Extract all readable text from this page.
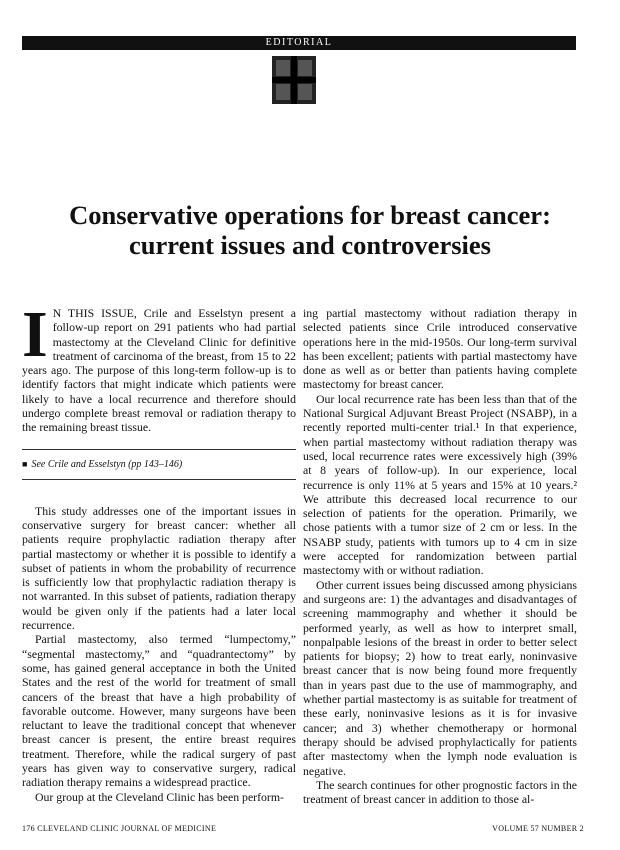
EDITORIAL
Conservative operations for breast cancer:
current issues and controversies

I N THIS ISSUE, Crile and Esselstyn present a follow-up report on 291 patients who had partial mastectomy at the Cleveland Clinic for definitive treatment of carcinoma of the breast, from 15 to 22 years ago. The purpose of this long-term follow-up is to identify factors that might indicate which patients were likely to have a local recurrence and therefore should undergo complete breast removal or radiation therapy to the remaining breast tissue.

■ See Crile and Esselstyn (pp 143–146)

This study addresses one of the important issues in conservative surgery for breast cancer: whether all patients require prophylactic radiation therapy after partial mastectomy or whether it is possible to identify a subset of patients in whom the probability of recurrence is sufficiently low that prophylactic radiation therapy is not warranted. In this subset of patients, radiation therapy would be given only if the patients had a later local recurrence.

Partial mastectomy, also termed “lumpectomy,” “segmental mastectomy,” and “quadrantectomy” by some, has gained general acceptance in both the United States and the rest of the world for treatment of small cancers of the breast that have a high probability of favorable outcome. However, many surgeons have been reluctant to leave the traditional concept that whenever breast cancer is present, the entire breast requires treatment. Therefore, while the radical surgery of past years has given way to conservative surgery, radical radiation therapy remains a widespread practice.

Our group at the Cleveland Clinic has been perform-

ing partial mastectomy without radiation therapy in selected patients since Crile introduced conservative operations here in the mid-1950s. Our long-term survival has been excellent; patients with partial mastectomy have done as well as or better than patients having complete mastectomy for breast cancer.

Our local recurrence rate has been less than that of the National Surgical Adjuvant Breast Project (NSABP), in a recently reported multi-center trial.¹ In that experience, when partial mastectomy without radiation therapy was used, local recurrence rates were excessively high (39% at 8 years of follow-up). In our experience, local recurrence is only 11% at 5 years and 15% at 10 years.² We attribute this decreased local recurrence to our selection of patients for the operation. Primarily, we chose patients with a tumor size of 2 cm or less. In the NSABP study, patients with tumors up to 4 cm in size were accepted for randomization between partial mastectomy with or without radiation.

Other current issues being discussed among physicians and surgeons are: 1) the advantages and disadvantages of screening mammography and whether it should be performed yearly, as well as how to interpret small, nonpalpable lesions of the breast in order to better select patients for biopsy; 2) how to treat early, noninvasive breast cancer that is now being found more frequently than in years past due to the use of mammography, and whether partial mastectomy is as suitable for treatment of these early, noninvasive lesions as it is for invasive cancer; and 3) whether chemotherapy or hormonal therapy should be advised prophylactically for patients after mastectomy when the lymph node evaluation is negative.

The search continues for other prognostic factors in the treatment of breast cancer in addition to those al-

176 CLEVELAND CLINIC JOURNAL OF MEDICINE	VOLUME 57 NUMBER 2
